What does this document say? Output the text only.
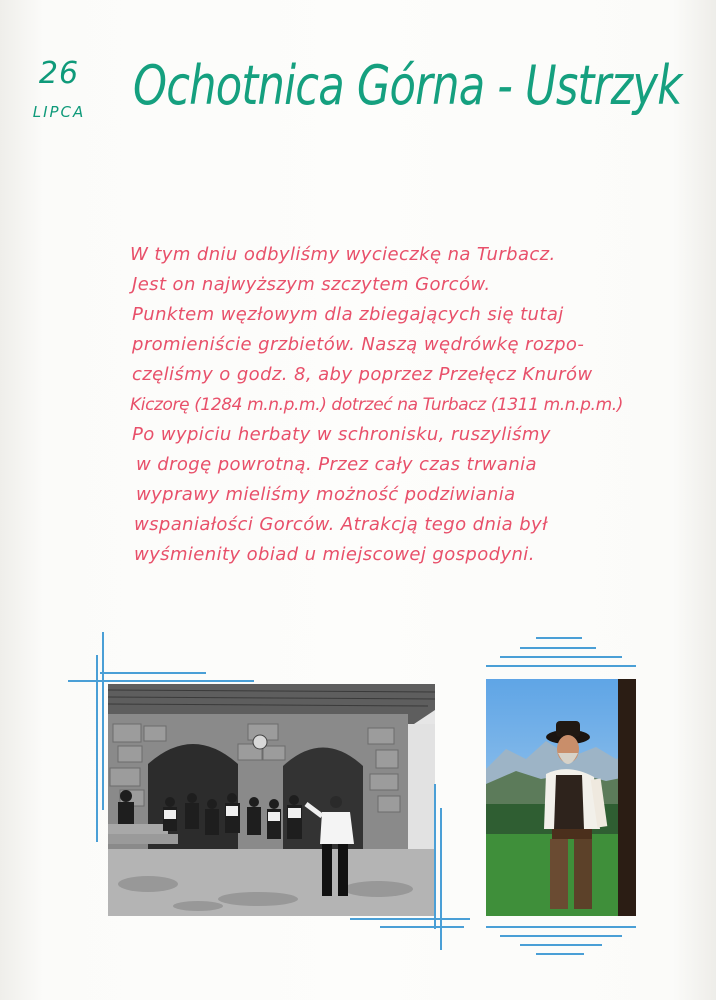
26
LIPCA Ochotnica Górna - Ustrzyk
W tym dniu odbyliśmy wycieczkę na Turbacz.
Jest on najwyższym szczytem Gorców.
Punktem węzłowym dla zbiegających się tutaj
promieniście grzbietów. Naszą wędrówkę rozpo-
częliśmy o godz. 8, aby poprzez Przełęcz Knurów
Kiczorę (1284 m.n.p.m.) dotrzeć na Turbacz (1311 m.n.p.m.)
Po wypiciu herbaty w schronisku, ruszyliśmy
w drogę powrotną. Przez cały czas trwania
wyprawy mieliśmy możność podziwiania
wspaniałości Gorców. Atrakcją tego dnia był
wyśmienity obiad u miejscowej gospodyni.
